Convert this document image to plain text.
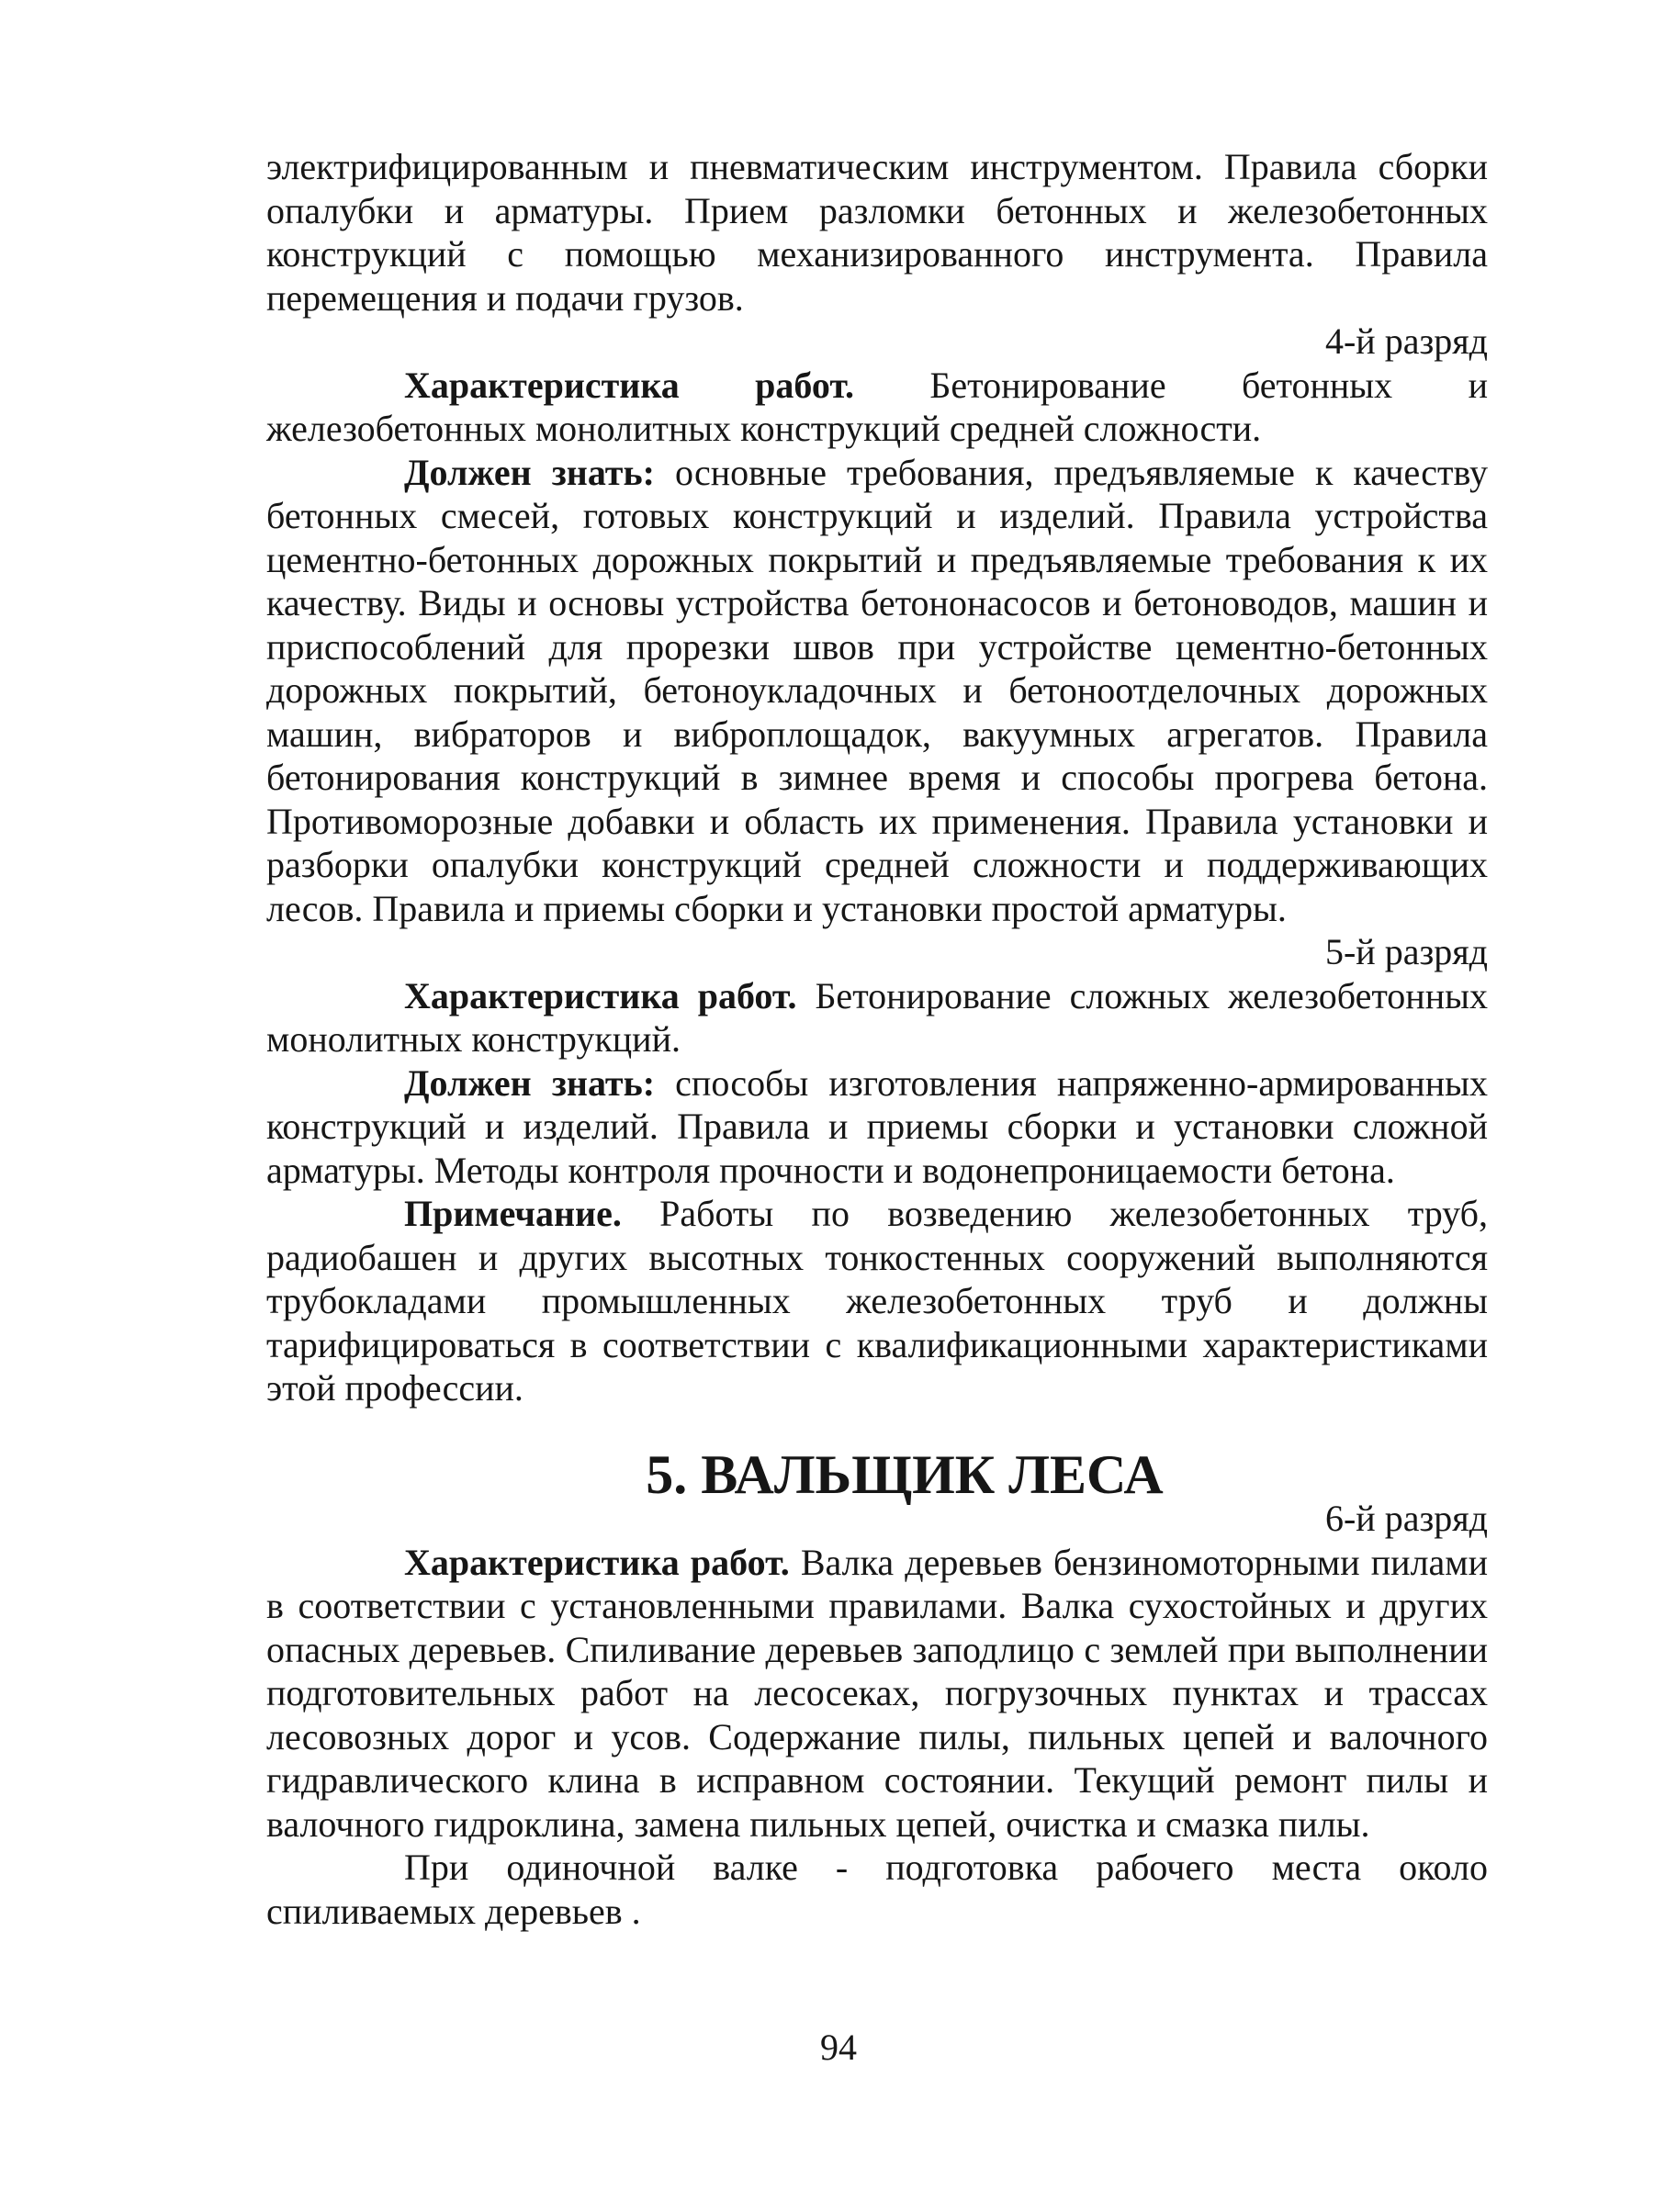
электрифицированным и пневматическим инструментом. Правила сборки опалубки и арматуры. Прием разломки бетонных и железобетонных конструкций с помощью механизированного инструмента. Правила перемещения и подачи грузов.

4-й разряд

Характеристика работ. Бетонирование бетонных и железобетонных монолитных конструкций средней сложности.

Должен знать: основные требования, предъявляемые к качеству бетонных смесей, готовых конструкций и изделий. Правила устройства цементно-бетонных дорожных покрытий и предъявляемые требования к их качеству. Виды и основы устройства бетононасосов и бетоноводов, машин и приспособлений для прорезки швов при устройстве цементно-бетонных дорожных покрытий, бетоноукладочных и бетоноотделочных дорожных машин, вибраторов и виброплощадок, вакуумных агрегатов. Правила бетонирования конструкций в зимнее время и способы прогрева бетона. Противоморозные добавки и область их применения. Правила установки и разборки опалубки конструкций средней сложности и поддерживающих лесов. Правила и приемы сборки и установки простой арматуры.

5-й разряд

Характеристика работ. Бетонирование сложных железобетонных монолитных конструкций.

Должен знать: способы изготовления напряженно-армированных конструкций и изделий. Правила и приемы сборки и установки сложной арматуры. Методы контроля прочности и водонепроницаемости бетона.

Примечание. Работы по возведению железобетонных труб, радиобашен и других высотных тонкостенных сооружений выполняются трубокладами промышленных железобетонных труб и должны тарифицироваться в соответствии с квалификационными характеристиками этой профессии.

5. ВАЛЬЩИК ЛЕСА

6-й разряд

Характеристика работ. Валка деревьев бензиномоторными пилами в соответствии с установленными правилами. Валка сухостойных и других опасных деревьев. Спиливание деревьев заподлицо с землей при выполнении подготовительных работ на лесосеках, погрузочных пунктах и трассах лесовозных дорог и усов. Содержание пилы, пильных цепей и валочного гидравлического клина в исправном состоянии. Текущий ремонт пилы и валочного гидроклина, замена пильных цепей, очистка и смазка пилы.

При одиночной валке - подготовка рабочего места около спиливаемых деревьев .

94
